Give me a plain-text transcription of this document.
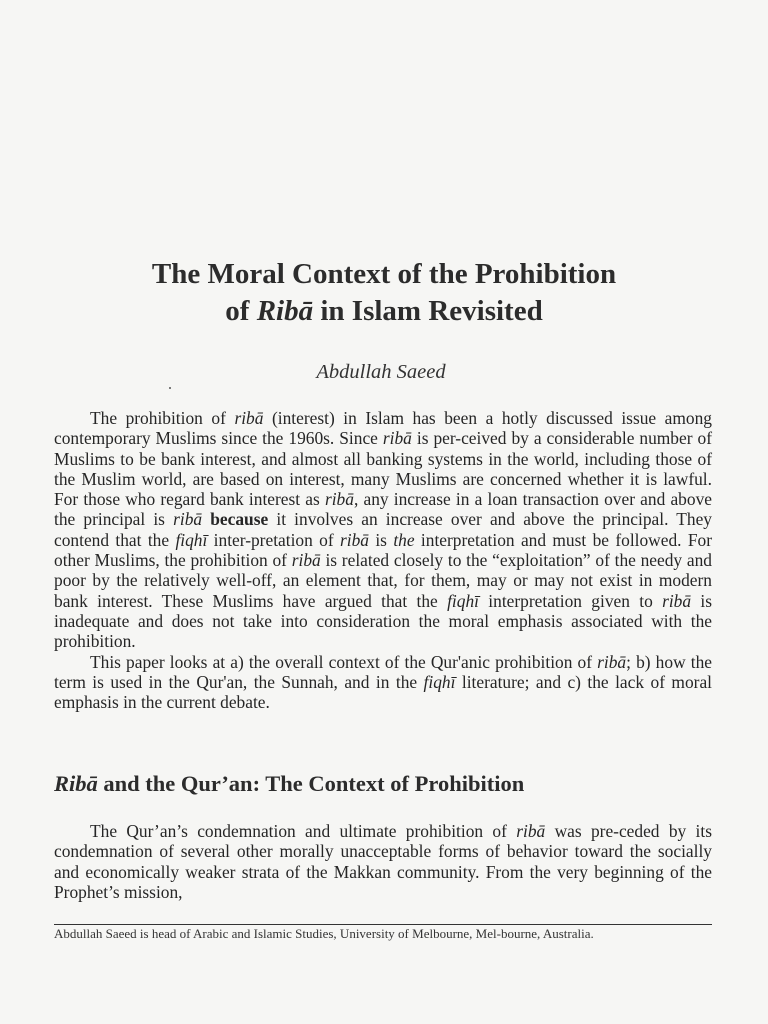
The Moral Context of the Prohibition
of Ribā in Islam Revisited
Abdullah Saeed

The prohibition of ribā (interest) in Islam has been a hotly discussed issue among contemporary Muslims since the 1960s. Since ribā is per-ceived by a considerable number of Muslims to be bank interest, and almost all banking systems in the world, including those of the Muslim world, are based on interest, many Muslims are concerned whether it is lawful. For those who regard bank interest as ribā, any increase in a loan transaction over and above the principal is ribā because it involves an increase over and above the principal. They contend that the fiqhī inter-pretation of ribā is the interpretation and must be followed. For other Muslims, the prohibition of ribā is related closely to the “exploitation” of the needy and poor by the relatively well-off, an element that, for them, may or may not exist in modern bank interest. These Muslims have argued that the fiqhī interpretation given to ribā is inadequate and does not take into consideration the moral emphasis associated with the prohibition.

This paper looks at a) the overall context of the Qur'anic prohibition of ribā; b) how the term is used in the Qur'an, the Sunnah, and in the fiqhī literature; and c) the lack of moral emphasis in the current debate.

Ribā and the Qur’an: The Context of Prohibition

The Qur’an’s condemnation and ultimate prohibition of ribā was pre-ceded by its condemnation of several other morally unacceptable forms of behavior toward the socially and economically weaker strata of the Makkan community. From the very beginning of the Prophet’s mission,

Abdullah Saeed is head of Arabic and Islamic Studies, University of Melbourne, Mel-bourne, Australia.
